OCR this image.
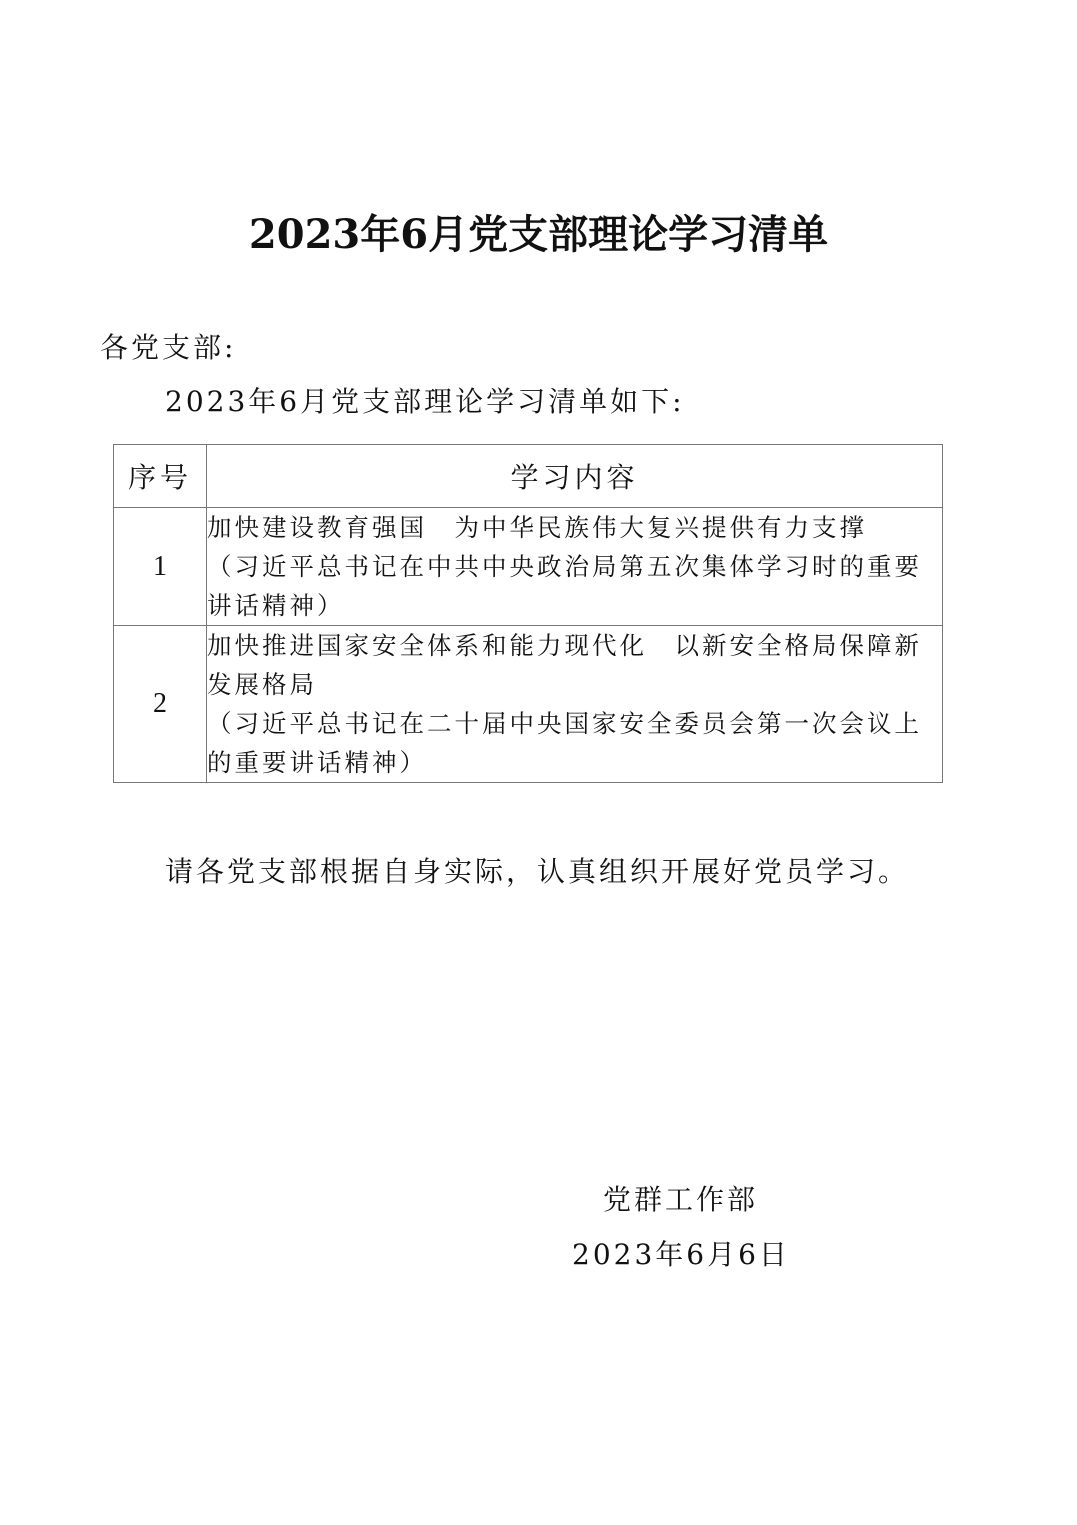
2023年6月党支部理论学习清单
各党支部:
2023年6月党支部理论学习清单如下:
序号	学习内容
1	加快建设教育强国　为中华民族伟大复兴提供有力支撑
（习近平总书记在中共中央政治局第五次集体学习时的重要讲话精神）

2	加快推进国家安全体系和能力现代化　以新安全格局保障新发展格局
（习近平总书记在二十届中央国家安全委员会第一次会议上的重要讲话精神）
请各党支部根据自身实际，认真组织开展好党员学习。
党群工作部
2023年6月6日
